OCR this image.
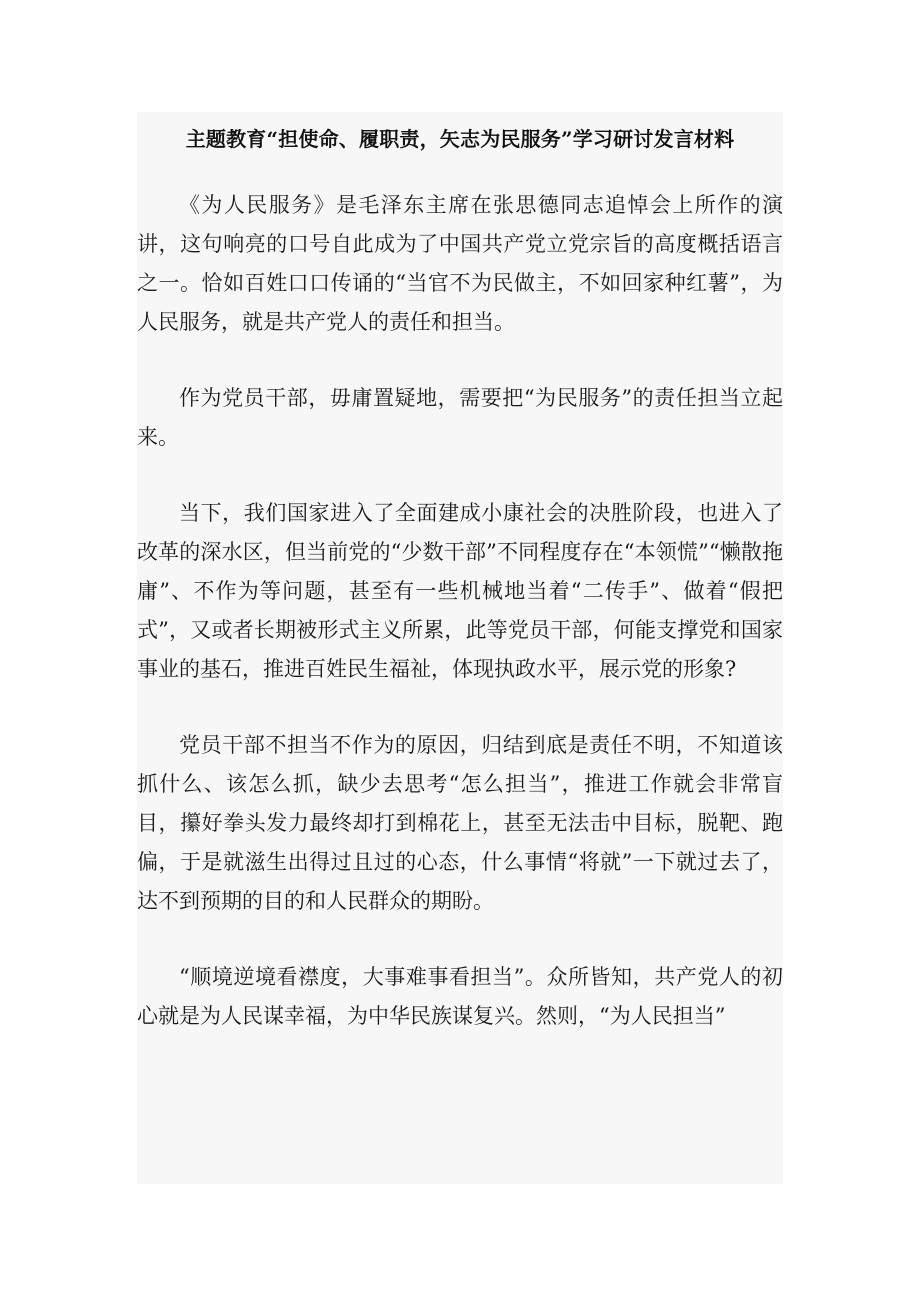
主题教育“担使命、履职责，矢志为民服务”学习研讨发言材料

《为人民服务》是毛泽东主席在张思德同志追悼会上所作的演讲，这句响亮的口号自此成为了中国共产党立党宗旨的高度概括语言之一。恰如百姓口口传诵的“当官不为民做主，不如回家种红薯”，为人民服务，就是共产党人的责任和担当。

作为党员干部，毋庸置疑地，需要把“为民服务”的责任担当立起来。

当下，我们国家进入了全面建成小康社会的决胜阶段，也进入了改革的深水区，但当前党的“少数干部”不同程度存在“本领慌”“懒散拖庸”、不作为等问题，甚至有一些机械地当着“二传手”、做着“假把式”，又或者长期被形式主义所累，此等党员干部，何能支撑党和国家事业的基石，推进百姓民生福祉，体现执政水平，展示党的形象?

党员干部不担当不作为的原因，归结到底是责任不明，不知道该抓什么、该怎么抓，缺少去思考“怎么担当”，推进工作就会非常盲目，攥好拳头发力最终却打到棉花上，甚至无法击中目标，脱靶、跑偏，于是就滋生出得过且过的心态，什么事情“将就”一下就过去了，达不到预期的目的和人民群众的期盼。

“顺境逆境看襟度，大事难事看担当”。众所皆知，共产党人的初心就是为人民谋幸福，为中华民族谋复兴。然则，“为人民担当”
